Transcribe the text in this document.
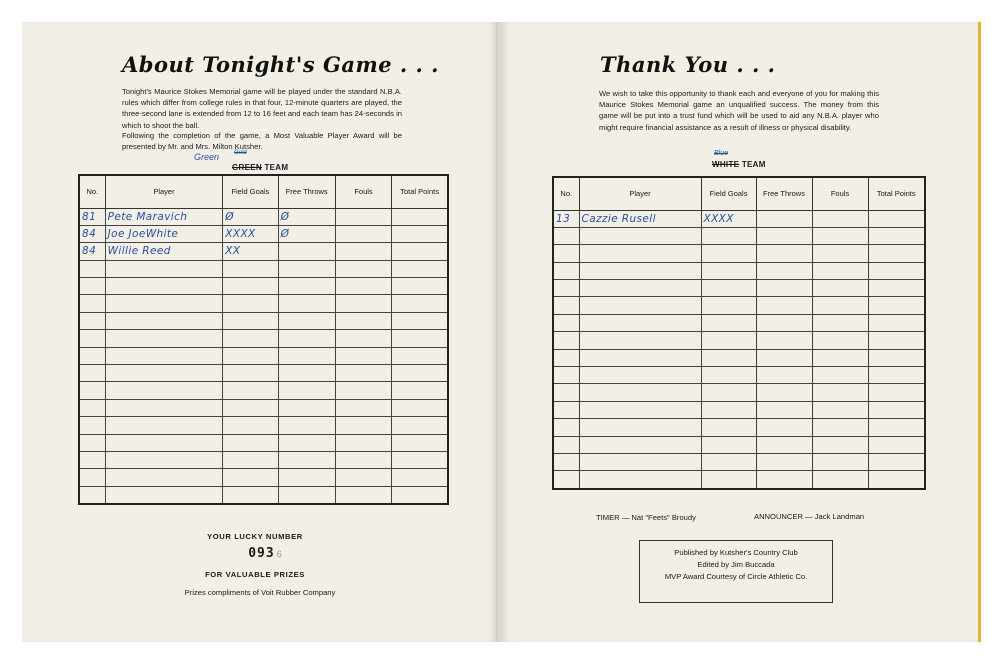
About Tonight's Game . . .
Tonight's Maurice Stokes Memorial game will be played under the standard N.B.A. rules which differ from college rules in that four, 12-minute quarters are played, the three-second lane is extended from 12 to 16 feet and each team has 24-seconds in which to shoot the ball.
Following the completion of the game, a Most Valuable Player Award will be presented by Mr. and Mrs. Milton Kutsher.
Green Gold
GREEN TEAM
No.	Player	Field Goals	Free Throws	Fouls	Total Points
81	Pete Maravich	Ø	Ø		
84	Joe JoeWhite	XXXX	Ø		
84	Willie Reed	XX			

YOUR LUCKY NUMBER
093 6
FOR VALUABLE PRIZES
Prizes compliments of Voit Rubber Company
Thank You . . .
We wish to take this opportunity to thank each and everyone of you for making this Maurice Stokes Memorial game an unqualified success. The money from this game will be put into a trust fund which will be used to aid any N.B.A. player who might require financial assistance as a result of illness or physical disability.
Blue
WHITE TEAM
No.	Player	Field Goals	Free Throws	Fouls	Total Points
13	Cazzie Rusell	XXXX			

TIMER — Nat "Feets" Broudy	ANNOUNCER — Jack Landman
Published by Kutsher's Country Club
Edited by Jim Buccada
MVP Award Courtesy of Circle Athletic Co.
